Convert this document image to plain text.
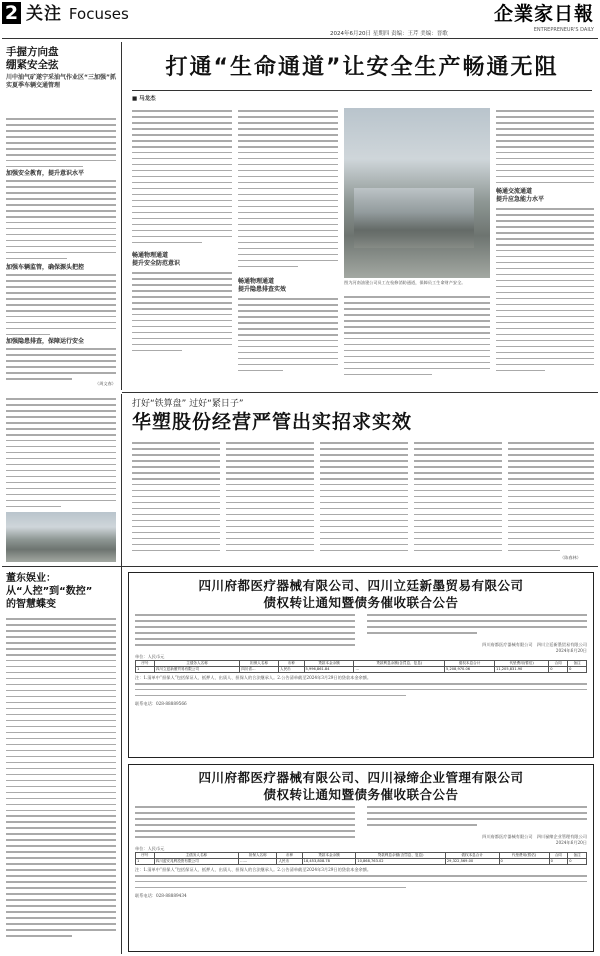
2 关注 Focuses	企業家日報
ENTREPRENEUR'S DAILY
2024年6月20日 星期四 责编：王芹 美编：晋歌
手握方向盘
绷紧安全弦
川中油气矿遂宁采油气作业区“三加强”抓实夏季车辆交通管理
加强安全教育，提升意识水平
加强车辆监管，确保源头把控
加强隐患排查，保障运行安全
（周文春）
打通“生命通道”让安全生产畅通无阻
■ 马龙杰
畅通物理通道
提升安全防范意识
畅通物理通道
提升隐患排查实效
图为河南油建公司员工在检修消防通道，保障员工生命财产安全。
畅通交流通道
提升应急能力水平
打好“铁算盘” 过好“紧日子”
华塑股份经营严管出实招求实效
（陈春林）
董东娱业：
从“人控”到“数控”
的智慧蝶变
四川府都医疗器械有限公司、四川立廷新墨贸易有限公司
债权转让通知暨债务催收联合公告
四川府都医疗器械有限公司　 四川立廷新墨贸易有限公司
2024年6月20日
单位：人民币元
序号	主债务人名称	担保人名称	币种	贷款本金余额	贷款利息余额(含罚息、复息)	债权本息合计	代垫费用(暂估)	合同	备注
1	四川立廷新墨贸易有限公司	四川省…	人民币	5,996,861.84	…	5,208,970.06	11,205,831.90	0	0
注：1.清单中“担保人”包括保证人、抵押人、出质人、担保人的合法继承人。2.公告清单截至2024年3月29日的贷款本金余额。
联系电话：028-88889566
四川府都医疗器械有限公司、四川禄缔企业管理有限公司
债权转让通知暨债务催收联合公告
四川府都医疗器械有限公司　 四川禄缔企业管理有限公司
2024年6月20日
单位：人民币元
序号	主债务人名称	担保人名称	币种	贷款本金余额	贷款利息余额(含罚息、复息)	债权本息合计	代垫费用(暂估)	合同	备注
1	四川蓝安兆利投资有限公司	……	人民币	18,453,808.78	10,868,763.02	29,322,569.00	0	0	0
注：1.清单中“担保人”包括保证人、抵押人、出质人、担保人的合法继承人。2.公告清单截至2024年3月29日的贷款本金余额。
联系电话：028-88889434
